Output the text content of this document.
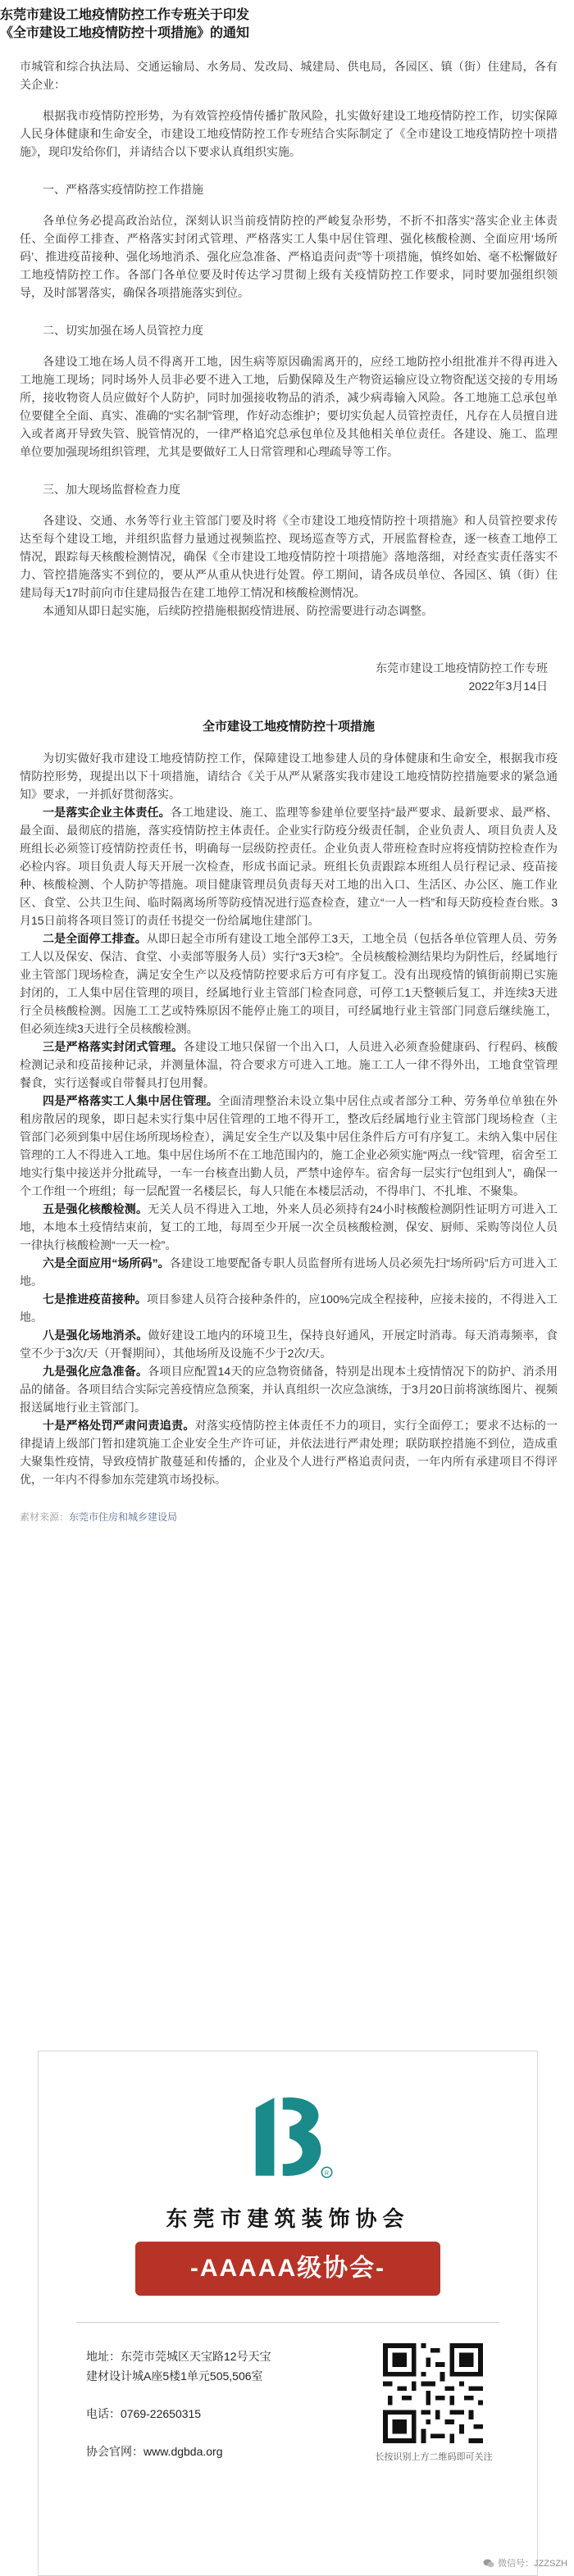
东莞市建设工地疫情防控工作专班关于印发

《全市建设工地疫情防控十项措施》的通知

市城管和综合执法局、交通运输局、水务局、发改局、城建局、供电局，各园区、镇（街）住建局，各有关企业：

根据我市疫情防控形势，为有效管控疫情传播扩散风险，扎实做好建设工地疫情防控工作，切实保障人民身体健康和生命安全，市建设工地疫情防控工作专班结合实际制定了《全市建设工地疫情防控十项措施》，现印发给你们，并请结合以下要求认真组织实施。

一、严格落实疫情防控工作措施

各单位务必提高政治站位，深刻认识当前疫情防控的严峻复杂形势，不折不扣落实“落实企业主体责任、全面停工排查、严格落实封闭式管理、严格落实工人集中居住管理、强化核酸检测、全面应用‘场所码’、推进疫苗接种、强化场地消杀、强化应急准备、严格追责问责”等十项措施，慎终如始、毫不松懈做好工地疫情防控工作。各部门各单位要及时传达学习贯彻上级有关疫情防控工作要求，同时要加强组织领导，及时部署落实，确保各项措施落实到位。

二、切实加强在场人员管控力度

各建设工地在场人员不得离开工地，因生病等原因确需离开的，应经工地防控小组批准并不得再进入工地施工现场；同时场外人员非必要不进入工地，后勤保障及生产物资运输应设立物资配送交接的专用场所，接收物资人员应做好个人防护，同时加强接收物品的消杀，减少病毒输入风险。各工地施工总承包单位要健全全面、真实、准确的“实名制”管理，作好动态维护；要切实负起人员管控责任，凡存在人员擅自进入或者离开导致失管、脱管情况的，一律严格追究总承包单位及其他相关单位责任。各建设、施工、监理单位要加强现场组织管理，尤其是要做好工人日常管理和心理疏导等工作。

三、加大现场监督检查力度

各建设、交通、水务等行业主管部门要及时将《全市建设工地疫情防控十项措施》和人员管控要求传达至每个建设工地，并组织监督力量通过视频监控、现场巡查等方式，开展监督检查，逐一核查工地停工情况，跟踪每天核酸检测情况，确保《全市建设工地疫情防控十项措施》落地落细，对经查实责任落实不力、管控措施落实不到位的，要从严从重从快进行处置。停工期间，请各成员单位、各园区、镇（街）住建局每天17时前向市住建局报告在建工地停工情况和核酸检测情况。

本通知从即日起实施，后续防控措施根据疫情进展、防控需要进行动态调整。

东莞市建设工地疫情防控工作专班

2022年3月14日

全市建设工地疫情防控十项措施

为切实做好我市建设工地疫情防控工作，保障建设工地参建人员的身体健康和生命安全，根据我市疫情防控形势，现提出以下十项措施，请结合《关于从严从紧落实我市建设工地疫情防控措施要求的紧急通知》要求，一并抓好贯彻落实。

一是落实企业主体责任。各工地建设、施工、监理等参建单位要坚持“最严要求、最新要求、最严格、最全面、最彻底的措施，落实疫情防控主体责任。企业实行防疫分级责任制，企业负责人、项目负责人及班组长必须签订疫情防控责任书，明确每一层级防控责任。企业负责人带班检查时应将疫情防控检查作为必检内容。项目负责人每天开展一次检查，形成书面记录。班组长负责跟踪本班组人员行程记录、疫苗接种、核酸检测、个人防护等措施。项目健康管理员负责每天对工地的出入口、生活区、办公区、施工作业区、食堂、公共卫生间、临时隔离场所等防疫情况进行巡查检查，建立“一人一档”和每天防疫检查台账。3月15日前将各项目签订的责任书提交一份给属地住建部门。

二是全面停工排查。从即日起全市所有建设工地全部停工3天，工地全员（包括各单位管理人员、劳务工人以及保安、保洁、食堂、小卖部等服务人员）实行“3天3检”。全员核酸检测结果均为阴性后，经属地行业主管部门现场检查，满足安全生产以及疫情防控要求后方可有序复工。没有出现疫情的镇街前期已实施封闭的，工人集中居住管理的项目，经属地行业主管部门检查同意，可停工1天整顿后复工，并连续3天进行全员核酸检测。因施工工艺或特殊原因不能停止施工的项目，可经属地行业主管部门同意后继续施工，但必须连续3天进行全员核酸检测。

三是严格落实封闭式管理。各建设工地只保留一个出入口，人员进入必须查验健康码、行程码、核酸检测记录和疫苗接种记录，并测量体温，符合要求方可进入工地。施工工人一律不得外出，工地食堂管理餐食，实行送餐或自带餐具打包用餐。

四是严格落实工人集中居住管理。全面清理整治未设立集中居住点或者部分工种、劳务单位单独在外租房散居的现象，即日起未实行集中居住管理的工地不得开工，整改后经属地行业主管部门现场检查（主管部门必须到集中居住场所现场检查），满足安全生产以及集中居住条件后方可有序复工。未纳入集中居住管理的工人不得进入工地。集中居住场所不在工地范围内的，施工企业必须实施“两点一线”管理，宿舍至工地实行集中接送并分批疏导，一车一台核查出勤人员，严禁中途停车。宿舍每一层实行“包组到人”，确保一个工作组一个班组；每一层配置一名楼层长，每人只能在本楼层活动，不得串门、不扎堆、不聚集。

五是强化核酸检测。无关人员不得进入工地，外来人员必须持有24小时核酸检测阴性证明方可进入工地，本地本土疫情结束前，复工的工地，每周至少开展一次全员核酸检测，保安、厨师、采购等岗位人员一律执行核酸检测“一天一检”。

六是全面应用“场所码”。各建设工地要配备专职人员监督所有进场人员必须先扫“场所码”后方可进入工地。

七是推进疫苗接种。项目参建人员符合接种条件的，应100%完成全程接种，应接未接的，不得进入工地。

八是强化场地消杀。做好建设工地内的环境卫生，保持良好通风，开展定时消毒。每天消毒频率，食堂不少于3次/天（开餐期间），其他场所及设施不少于2次/天。

九是强化应急准备。各项目应配置14天的应急物资储备，特别是出现本土疫情情况下的防护、消杀用品的储备。各项目结合实际完善疫情应急预案，并认真组织一次应急演练，于3月20日前将演练图片、视频报送属地行业主管部门。

十是严格处罚严肃问责追责。对落实疫情防控主体责任不力的项目，实行全面停工；要求不达标的一律提请上级部门暂扣建筑施工企业安全生产许可证，并依法进行严肃处理；联防联控措施不到位，造成重大聚集性疫情，导致疫情扩散蔓延和传播的，企业及个人进行严格追责问责，一年内所有承建项目不得评优，一年内不得参加东莞建筑市场投标。

素材来源：东莞市住房和城乡建设局
R
东莞市建筑装饰协会
-AAAAA级协会-
地址：东莞市莞城区天宝路12号天宝建材设计城A座5楼1单元505,506室
电话：0769-22650315
协会官网：www.dgbda.org	长按识别上方二维码即可关注
微信号：JZZSZH
